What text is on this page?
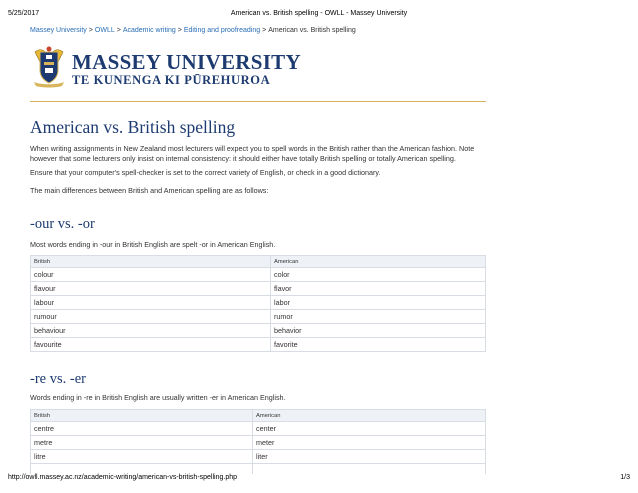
5/25/2017	American vs. British spelling - OWLL - Massey University
Massey University > OWLL > Academic writing > Editing and proofreading > American vs. British spelling
MASSEY UNIVERSITY
TE KUNENGA KI PŪREHUROA
American vs. British spelling

When writing assignments in New Zealand most lecturers will expect you to spell words in the British rather than the American fashion. Note however that some lecturers only insist on internal consistency: it should either have totally British spelling or totally American spelling.

Ensure that your computer's spell-checker is set to the correct variety of English, or check in a good dictionary.

The main differences between British and American spelling are as follows:

-our vs. -or

Most words ending in -our in British English are spelt -or in American English.

British	American
colour	color
flavour	flavor
labour	labor
rumour	rumor
behaviour	behavior
favourite	favorite
-re vs. -er

Words ending in -re in British English are usually written -er in American English.

British	American
centre	center
metre	meter
litre	liter

http://owll.massey.ac.nz/academic-writing/american-vs-british-spelling.php	1/3
